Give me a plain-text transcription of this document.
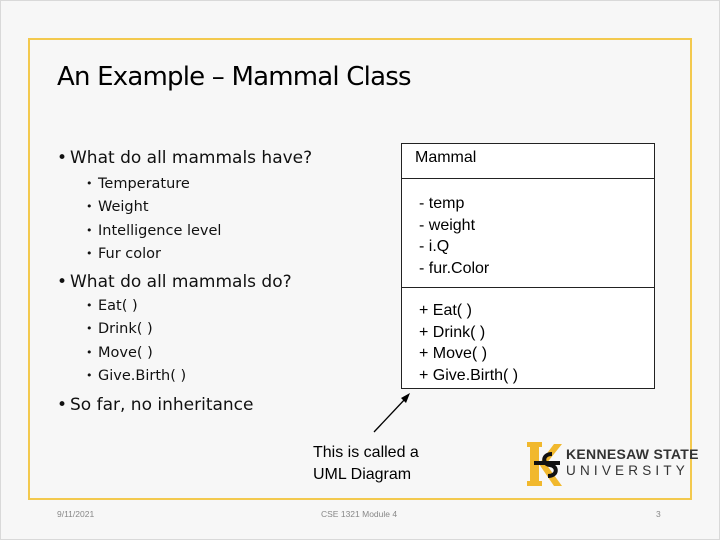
An Example – Mammal Class
• What do all mammals have?
• Temperature
• Weight
• Intelligence level
• Fur color
• What do all mammals do?
• Eat( )
• Drink( )
• Move( )
• Give.Birth( )
• So far, no inheritance
Mammal
- temp
- weight
- i.Q
- fur.Color
+ Eat( )
+ Drink( )
+ Move( )
+ Give.Birth( )
This is called a
UML Diagram
KENNESAW STATE
UNIVERSITY
9/11/2021	CSE 1321 Module 4	3
